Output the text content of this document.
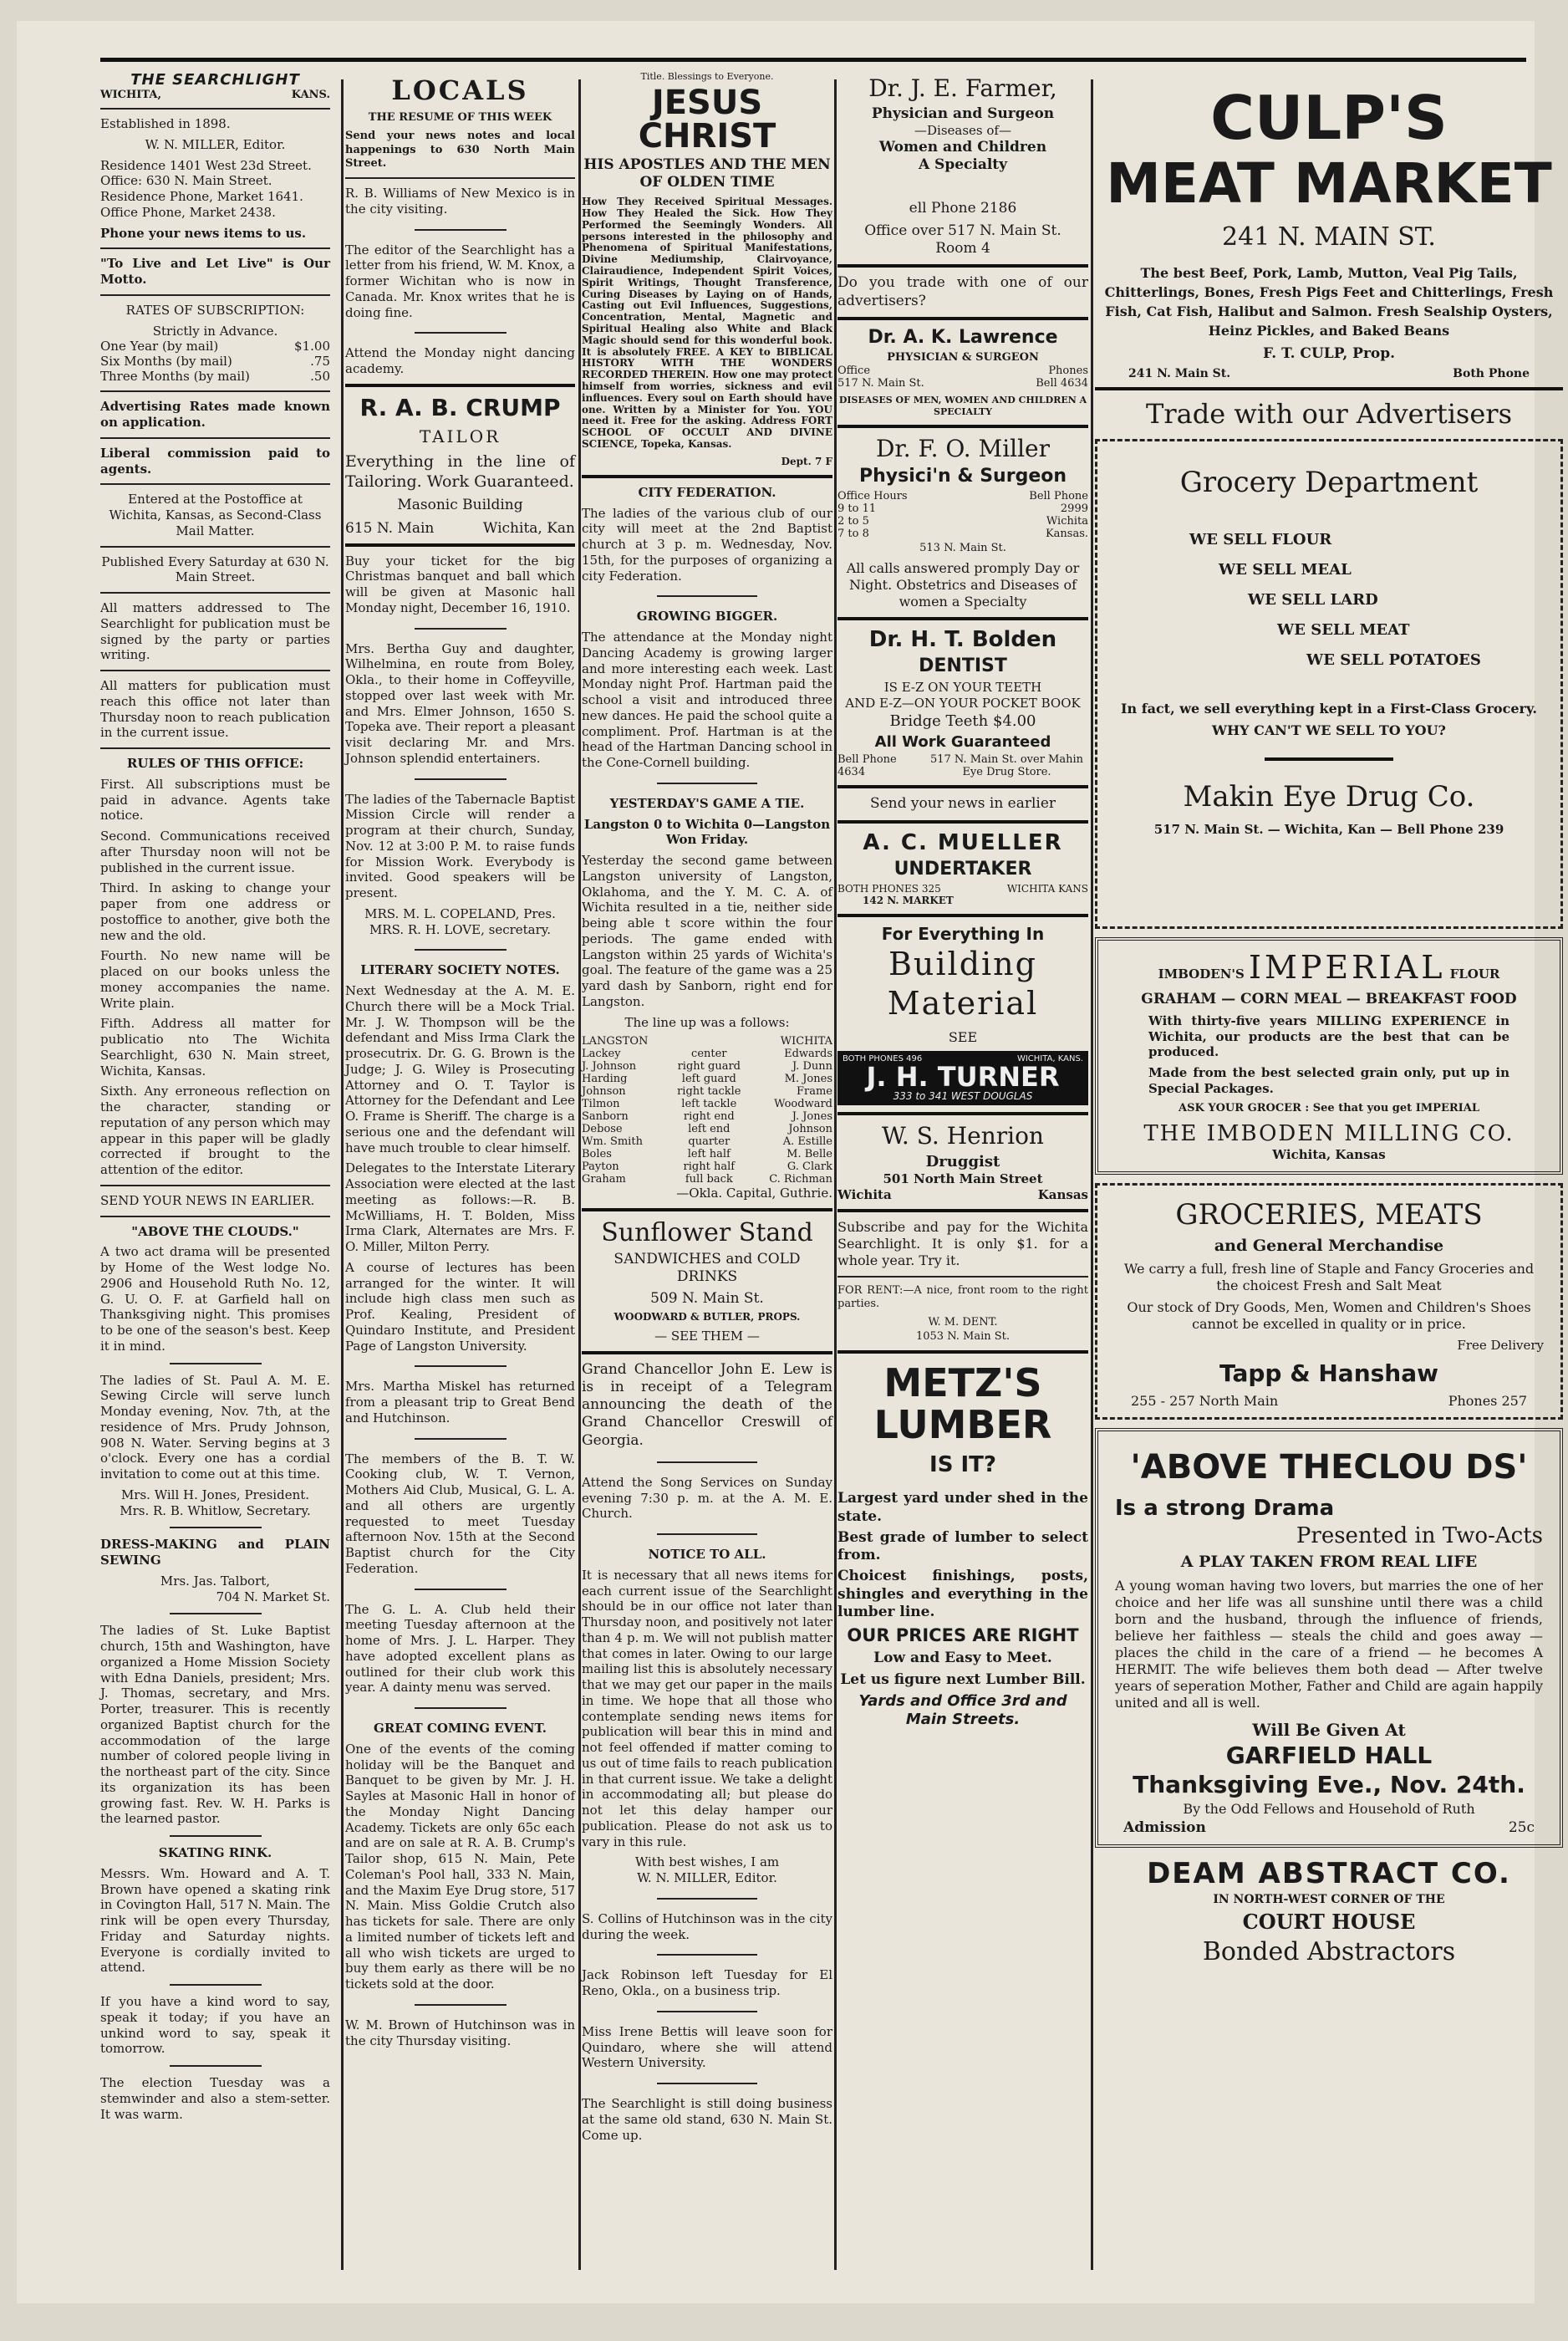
THE SEARCHLIGHT
WICHITA,	KANS.

Established in 1898.

W. N. MILLER, Editor.

Residence 1401 West 23d Street.

Office: 630 N. Main Street.

Residence Phone, Market 1641.

Office Phone, Market 2438.

Phone your news items to us.

"To Live and Let Live" is Our Motto.

RATES OF SUBSCRIPTION:

Strictly in Advance.

One Year (by mail)	$1.00
Six Months (by mail)	.75
Three Months (by mail)	.50

Advertising Rates made known on application.

Liberal commission paid to agents.

Entered at the Postoffice at Wichita, Kansas, as Second-Class Mail Matter.

Published Every Saturday at 630 N. Main Street.

All matters addressed to The Searchlight for publication must be signed by the party or parties writing.

All matters for publication must reach this office not later than Thursday noon to reach publication in the current issue.

RULES OF THIS OFFICE:

First. All subscriptions must be paid in advance. Agents take notice.

Second. Communications received after Thursday noon will not be published in the current issue.

Third. In asking to change your paper from one address or postoffice to another, give both the new and the old.

Fourth. No new name will be placed on our books unless the money accompanies the name. Write plain.

Fifth. Address all matter for publicatio nto The Wichita Searchlight, 630 N. Main street, Wichita, Kansas.

Sixth. Any erroneous reflection on the character, standing or reputation of any person which may appear in this paper will be gladly corrected if brought to the attention of the editor.

SEND YOUR NEWS IN EARLIER.

"ABOVE THE CLOUDS."

A two act drama will be presented by Home of the West lodge No. 2906 and Household Ruth No. 12, G. U. O. F. at Garfield hall on Thanksgiving night. This promises to be one of the season's best. Keep it in mind.

The ladies of St. Paul A. M. E. Sewing Circle will serve lunch Monday evening, Nov. 7th, at the residence of Mrs. Prudy Johnson, 908 N. Water. Serving begins at 3 o'clock. Every one has a cordial invitation to come out at this time.

Mrs. Will H. Jones, President.

Mrs. R. B. Whitlow, Secretary.

DRESS-MAKING and PLAIN SEWING

Mrs. Jas. Talbort,

704 N. Market St.

The ladies of St. Luke Baptist church, 15th and Washington, have organized a Home Mission Society with Edna Daniels, president; Mrs. J. Thomas, secretary, and Mrs. Porter, treasurer. This is recently organized Baptist church for the accommodation of the large number of colored people living in the northeast part of the city. Since its organization its has been growing fast. Rev. W. H. Parks is the learned pastor.

SKATING RINK.

Messrs. Wm. Howard and A. T. Brown have opened a skating rink in Covington Hall, 517 N. Main. The rink will be open every Thursday, Friday and Saturday nights. Everyone is cordially invited to attend.

If you have a kind word to say, speak it today; if you have an unkind word to say, speak it tomorrow.

The election Tuesday was a stemwinder and also a stem-setter. It was warm.

LOCALS

THE RESUME OF THIS WEEK

Send your news notes and local happenings to 630 North Main Street.

R. B. Williams of New Mexico is in the city visiting.

The editor of the Searchlight has a letter from his friend, W. M. Knox, a former Wichitan who is now in Canada. Mr. Knox writes that he is doing fine.

Attend the Monday night dancing academy.

R. A. B. CRUMP

TAILOR

Everything in the line of Tailoring. Work Guaranteed.

Masonic Building

615 N. Main	Wichita, Kan

Buy your ticket for the big Christmas banquet and ball which will be given at Masonic hall Monday night, December 16, 1910.

Mrs. Bertha Guy and daughter, Wilhelmina, en route from Boley, Okla., to their home in Coffeyville, stopped over last week with Mr. and Mrs. Elmer Johnson, 1650 S. Topeka ave. Their report a pleasant visit declaring Mr. and Mrs. Johnson splendid entertainers.

The ladies of the Tabernacle Baptist Mission Circle will render a program at their church, Sunday, Nov. 12 at 3:00 P. M. to raise funds for Mission Work. Everybody is invited. Good speakers will be present.

MRS. M. L. COPELAND, Pres.

MRS. R. H. LOVE, secretary.

LITERARY SOCIETY NOTES.

Next Wednesday at the A. M. E. Church there will be a Mock Trial. Mr. J. W. Thompson will be the defendant and Miss Irma Clark the prosecutrix. Dr. G. G. Brown is the Judge; J. G. Wiley is Prosecuting Attorney and O. T. Taylor is Attorney for the Defendant and Lee O. Frame is Sheriff. The charge is a serious one and the defendant will have much trouble to clear himself.

Delegates to the Interstate Literary Association were elected at the last meeting as follows:—R. B. McWilliams, H. T. Bolden, Miss Irma Clark, Alternates are Mrs. F. O. Miller, Milton Perry.

A course of lectures has been arranged for the winter. It will include high class men such as Prof. Kealing, President of Quindaro Institute, and President Page of Langston University.

Mrs. Martha Miskel has returned from a pleasant trip to Great Bend and Hutchinson.

The members of the B. T. W. Cooking club, W. T. Vernon, Mothers Aid Club, Musical, G. L. A. and all others are urgently requested to meet Tuesday afternoon Nov. 15th at the Second Baptist church for the City Federation.

The G. L. A. Club held their meeting Tuesday afternoon at the home of Mrs. J. L. Harper. They have adopted excellent plans as outlined for their club work this year. A dainty menu was served.

GREAT COMING EVENT.

One of the events of the coming holiday will be the Banquet and Banquet to be given by Mr. J. H. Sayles at Masonic Hall in honor of the Monday Night Dancing Academy. Tickets are only 65c each and are on sale at R. A. B. Crump's Tailor shop, 615 N. Main, Pete Coleman's Pool hall, 333 N. Main, and the Maxim Eye Drug store, 517 N. Main. Miss Goldie Crutch also has tickets for sale. There are only a limited number of tickets left and all who wish tickets are urged to buy them early as there will be no tickets sold at the door.

W. M. Brown of Hutchinson was in the city Thursday visiting.

Title. Blessings to Everyone.

JESUS CHRIST

HIS APOSTLES AND THE MEN OF OLDEN TIME

How They Received Spiritual Messages. How They Healed the Sick. How They Performed the Seemingly Wonders. All persons interested in the philosophy and Phenomena of Spiritual Manifestations, Divine Mediumship, Clairvoyance, Clairaudience, Independent Spirit Voices, Spirit Writings, Thought Transference, Curing Diseases by Laying on of Hands, Casting out Evil Influences, Suggestions, Concentration, Mental, Magnetic and Spiritual Healing also White and Black Magic should send for this wonderful book. It is absolutely FREE. A KEY to BIBLICAL HISTORY WITH THE WONDERS RECORDED THEREIN. How one may protect himself from worries, sickness and evil influences. Every soul on Earth should have one. Written by a Minister for You. YOU need it. Free for the asking. Address FORT SCHOOL OF OCCULT AND DIVINE SCIENCE, Topeka, Kansas.

Dept. 7 F

CITY FEDERATION.

The ladies of the various club of our city will meet at the 2nd Baptist church at 3 p. m. Wednesday, Nov. 15th, for the purposes of organizing a city Federation.

GROWING BIGGER.

The attendance at the Monday night Dancing Academy is growing larger and more interesting each week. Last Monday night Prof. Hartman paid the school a visit and introduced three new dances. He paid the school quite a compliment. Prof. Hartman is at the head of the Hartman Dancing school in the Cone-Cornell building.

YESTERDAY'S GAME A TIE.

Langston 0 to Wichita 0—Langston Won Friday.

Yesterday the second game between Langston university of Langston, Oklahoma, and the Y. M. C. A. of Wichita resulted in a tie, neither side being able t score within the four periods. The game ended with Langston within 25 yards of Wichita's goal. The feature of the game was a 25 yard dash by Sanborn, right end for Langston.

The line up was a follows:

LANGSTON		WICHITA
Lackey	center	Edwards
J. Johnson	right guard	J. Dunn
Harding	left guard	M. Jones
Johnson	right tackle	Frame
Tilmon	left tackle	Woodward
Sanborn	right end	J. Jones
Debose	left end	Johnson
Wm. Smith	quarter	A. Estille
Boles	left half	M. Belle
Payton	right half	G. Clark
Graham	full back	C. Richman

—Okla. Capital, Guthrie.

Sunflower Stand

SANDWICHES and COLD DRINKS

509 N. Main St.

WOODWARD & BUTLER, PROPS.

— SEE THEM —

Grand Chancellor John E. Lew is is in receipt of a Telegram announcing the death of the Grand Chancellor Creswill of Georgia.

Attend the Song Services on Sunday evening 7:30 p. m. at the A. M. E. Church.

NOTICE TO ALL.

It is necessary that all news items for each current issue of the Searchlight should be in our office not later than Thursday noon, and positively not later than 4 p. m. We will not publish matter that comes in later. Owing to our large mailing list this is absolutely necessary that we may get our paper in the mails in time. We hope that all those who contemplate sending news items for publication will bear this in mind and not feel offended if matter coming to us out of time fails to reach publication in that current issue. We take a delight in accommodating all; but please do not let this delay hamper our publication. Please do not ask us to vary in this rule.

With best wishes, I am

W. N. MILLER, Editor.

S. Collins of Hutchinson was in the city during the week.

Jack Robinson left Tuesday for El Reno, Okla., on a business trip.

Miss Irene Bettis will leave soon for Quindaro, where she will attend Western University.

The Searchlight is still doing business at the same old stand, 630 N. Main St. Come up.

Dr. J. E. Farmer,

Physician and Surgeon

—Diseases of—

Women and Children

A Specialty

ell Phone 2186

Office over 517 N. Main St.

Room 4

Do you trade with one of our advertisers?

Dr. A. K. Lawrence

PHYSICIAN & SURGEON

Office	Phones
517 N. Main St.	Bell 4634

DISEASES OF MEN, WOMEN AND CHILDREN A SPECIALTY

Dr. F. O. Miller
Physici'n & Surgeon
Office Hours	Bell Phone
9 to 11	2999
2 to 5	Wichita
7 to 8	Kansas.

513 N. Main St.

All calls answered promply Day or Night. Obstetrics and Diseases of women a Specialty

Dr. H. T. Bolden
DENTIST

IS E-Z ON YOUR TEETH

AND E-Z—ON YOUR POCKET BOOK

Bridge Teeth $4.00

All Work Guaranteed

Bell Phone 4634
517 N. Main St. over Mahin Eye Drug Store.

Send your news in earlier

A. C. MUELLER
UNDERTAKER
BOTH PHONES 325	WICHITA KANS

142 N. MARKET

For Everything In

Building

Material

SEE

BOTH PHONES 496	WICHITA, KANS.
J. H. TURNER
333 to 341 WEST DOUGLAS
W. S. Henrion

Druggist

501 North Main Street

Wichita	Kansas

Subscribe and pay for the Wichita Searchlight. It is only $1. for a whole year. Try it.

FOR RENT:—A nice, front room to the right parties.

W. M. DENT.

1053 N. Main St.

METZ'S

LUMBER

IS IT?

Largest yard under shed in the state.

Best grade of lumber to select from.

Choicest finishings, posts, shingles and everything in the lumber line.

OUR PRICES ARE RIGHT

Low and Easy to Meet.

Let us figure next Lumber Bill.

Yards and Office 3rd and Main Streets.

CULP'S
MEAT MARKET

241 N. MAIN ST.

The best Beef, Pork, Lamb, Mutton, Veal Pig Tails, Chitterlings, Bones, Fresh Pigs Feet and Chitterlings, Fresh Fish, Cat Fish, Halibut and Salmon. Fresh Sealship Oysters, Heinz Pickles, and Baked Beans

F. T. CULP, Prop.

241 N. Main St.	Both Phone

Trade with our Advertisers

Grocery Department

WE SELL FLOUR
WE SELL MEAL
WE SELL LARD
WE SELL MEAT
WE SELL POTATOES

In fact, we sell everything kept in a First-Class Grocery.

WHY CAN'T WE SELL TO YOU?

Makin Eye Drug Co.

517 N. Main St. — Wichita, Kan — Bell Phone 239

IMBODEN'S IMPERIAL FLOUR

GRAHAM — CORN MEAL — BREAKFAST FOOD

With thirty-five years MILLING EXPERIENCE in Wichita, our products are the best that can be produced.

Made from the best selected grain only, put up in Special Packages.

ASK YOUR GROCER : See that you get IMPERIAL

THE IMBODEN MILLING CO.

Wichita, Kansas

GROCERIES, MEATS

and General Merchandise

We carry a full, fresh line of Staple and Fancy Groceries and the choicest Fresh and Salt Meat

Our stock of Dry Goods, Men, Women and Children's Shoes cannot be excelled in quality or in price.

Free Delivery

Tapp & Hanshaw

255 - 257 North Main	Phones 257

'ABOVE THECLOU DS'

Is a strong Drama

Presented in Two-Acts

A PLAY TAKEN FROM REAL LIFE

A young woman having two lovers, but marries the one of her choice and her life was all sunshine until there was a child born and the husband, through the influence of friends, believe her faithless — steals the child and goes away — places the child in the care of a friend — he becomes A HERMIT. The wife believes them both dead — After twelve years of seperation Mother, Father and Child are again happily united and all is well.

Will Be Given At

GARFIELD HALL

Thanksgiving Eve., Nov. 24th.

By the Odd Fellows and Household of Ruth

Admission	25c

DEAM ABSTRACT CO.

IN NORTH-WEST CORNER OF THE

COURT HOUSE

Bonded Abstractors
